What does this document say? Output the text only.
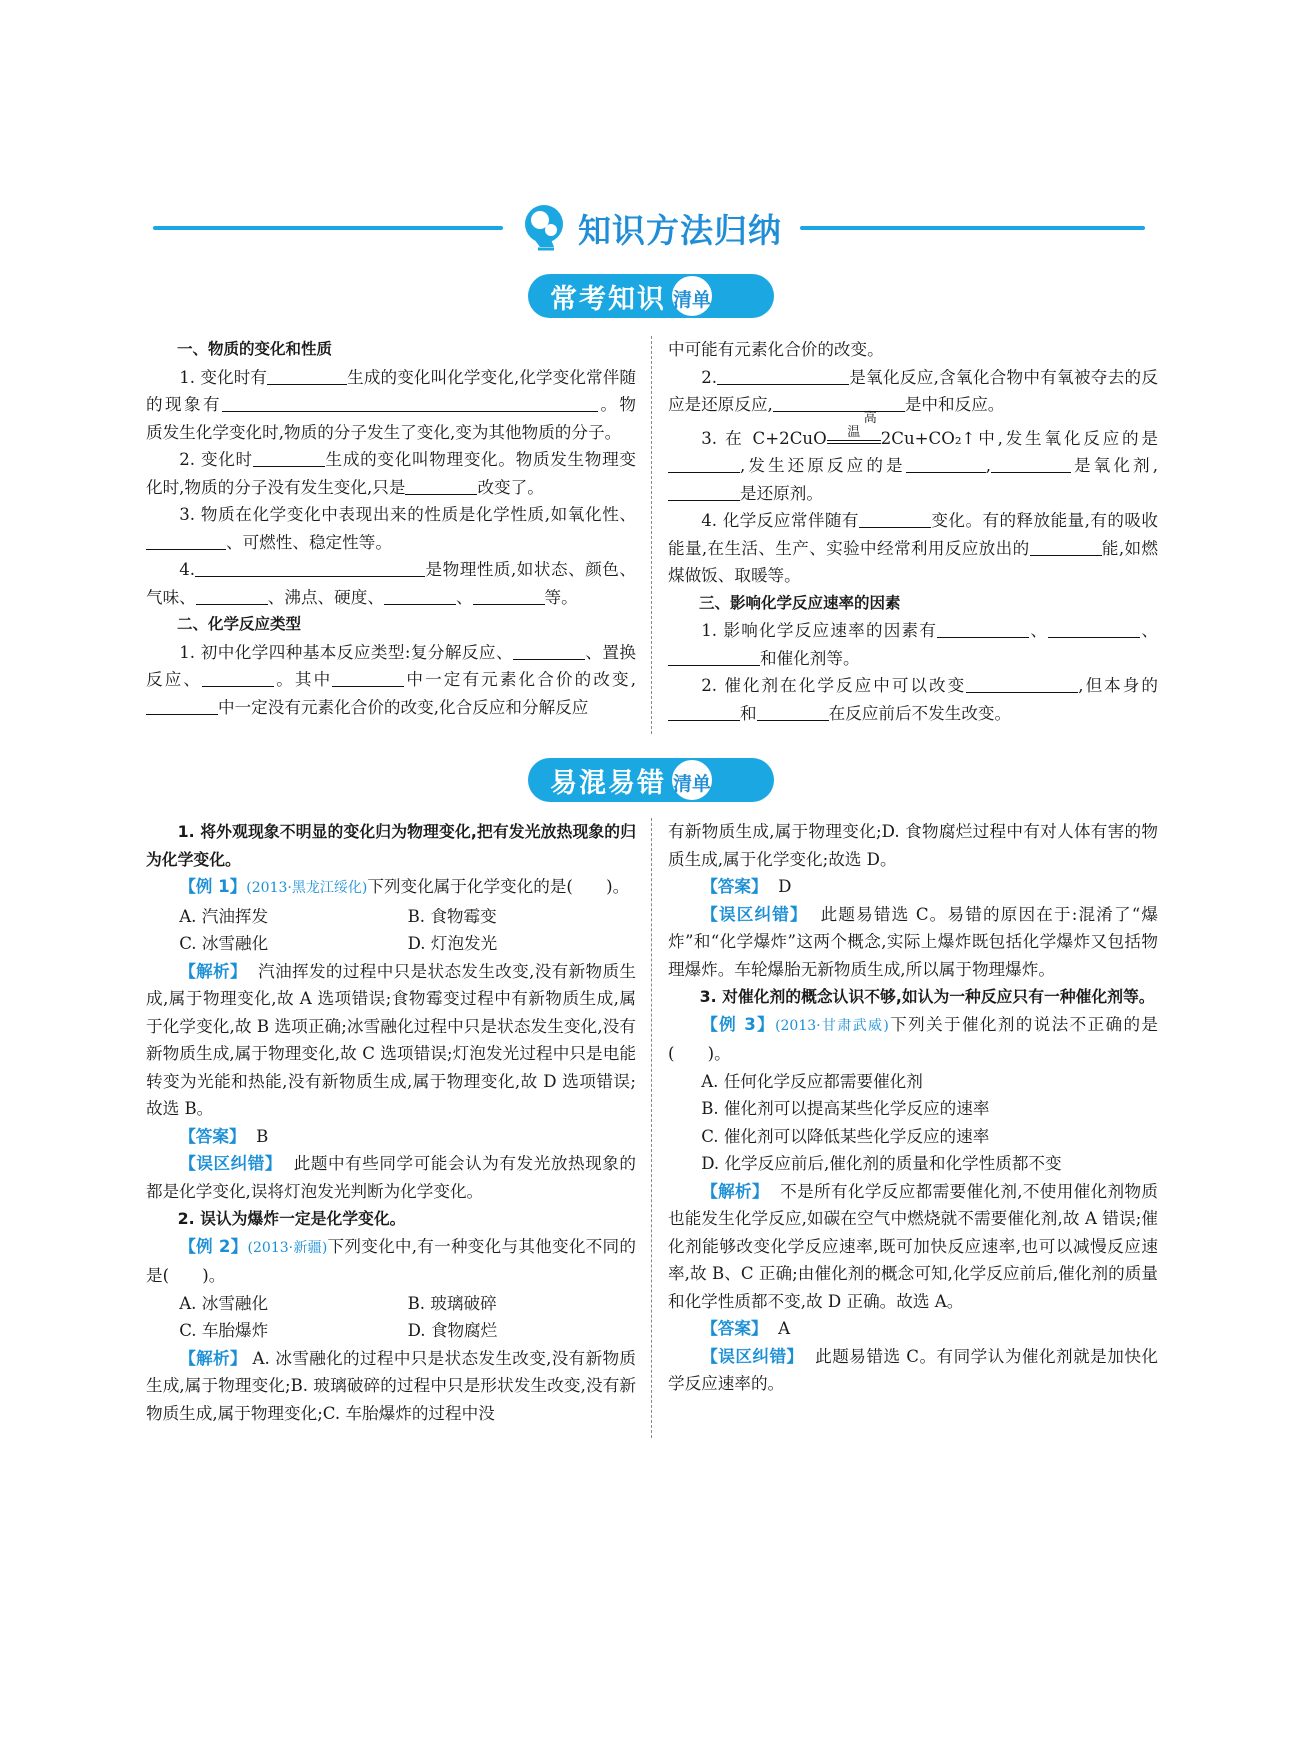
知识方法归纳
常考知识 清单

一、物质的变化和性质

1. 变化时有	生成的变化叫化学变化,化学变化常伴随的现象有	。物质发生化学变化时,物质的分子发生了变化,变为其他物质的分子。

2. 变化时	生成的变化叫物理变化。物质发生物理变化时,物质的分子没有发生变化,只是	改变了。

3. 物质在化学变化中表现出来的性质是化学性质,如氧化性、、可燃性、稳定性等。

4.	是物理性质,如状态、颜色、气味、	、沸点、硬度、	、	等。

二、化学反应类型

1. 初中化学四种基本反应类型:复分解反应、	、置换反应、	。其中	中一定有元素化合价的改变,中一定没有元素化合价的改变,化合反应和分解反应

中可能有元素化合价的改变。

2.	是氧化反应,含氧化合物中有氧被夺去的反应是还原反应,	是中和反应。

3. 在 C+2CuO
高温	2Cu+CO₂↑中,发生氧化反应的是,发生还原反应的是	,	是氧化剂,是还原剂。

4. 化学反应常伴随有	变化。有的释放能量,有的吸收能量,在生活、生产、实验中经常利用反应放出的	能,如燃煤做饭、取暖等。

三、影响化学反应速率的因素

1. 影响化学反应速率的因素有	、	、和催化剂等。

2. 催化剂在化学反应中可以改变	,但本身的和	在反应前后不发生改变。

易混易错 清单

1. 将外观现象不明显的变化归为物理变化,把有发光放热现象的归为化学变化。

【例 1】(2013·黑龙江绥化)下列变化属于化学变化的是(　　)。

A. 汽油挥发	B. 食物霉变
C. 冰雪融化	D. 灯泡发光

【解析】 汽油挥发的过程中只是状态发生改变,没有新物质生成,属于物理变化,故 A 选项错误;食物霉变过程中有新物质生成,属于化学变化,故 B 选项正确;冰雪融化过程中只是状态发生变化,没有新物质生成,属于物理变化,故 C 选项错误;灯泡发光过程中只是电能转变为光能和热能,没有新物质生成,属于物理变化,故 D 选项错误;故选 B。

【答案】 B

【误区纠错】 此题中有些同学可能会认为有发光放热现象的都是化学变化,误将灯泡发光判断为化学变化。

2. 误认为爆炸一定是化学变化。

【例 2】(2013·新疆)下列变化中,有一种变化与其他变化不同的是(　　)。

A. 冰雪融化	B. 玻璃破碎
C. 车胎爆炸	D. 食物腐烂

【解析】 A. 冰雪融化的过程中只是状态发生改变,没有新物质生成,属于物理变化;B. 玻璃破碎的过程中只是形状发生改变,没有新物质生成,属于物理变化;C. 车胎爆炸的过程中没

有新物质生成,属于物理变化;D. 食物腐烂过程中有对人体有害的物质生成,属于化学变化;故选 D。

【答案】 D

【误区纠错】 此题易错选 C。易错的原因在于:混淆了“爆炸”和“化学爆炸”这两个概念,实际上爆炸既包括化学爆炸又包括物理爆炸。车轮爆胎无新物质生成,所以属于物理爆炸。

3. 对催化剂的概念认识不够,如认为一种反应只有一种催化剂等。

【例 3】(2013·甘肃武威)下列关于催化剂的说法不正确的是(　　)。

A. 任何化学反应都需要催化剂
B. 催化剂可以提高某些化学反应的速率
C. 催化剂可以降低某些化学反应的速率
D. 化学反应前后,催化剂的质量和化学性质都不变

【解析】 不是所有化学反应都需要催化剂,不使用催化剂物质也能发生化学反应,如碳在空气中燃烧就不需要催化剂,故 A 错误;催化剂能够改变化学反应速率,既可加快反应速率,也可以减慢反应速率,故 B、C 正确;由催化剂的概念可知,化学反应前后,催化剂的质量和化学性质都不变,故 D 正确。故选 A。

【答案】 A

【误区纠错】 此题易错选 C。有同学认为催化剂就是加快化学反应速率的。
